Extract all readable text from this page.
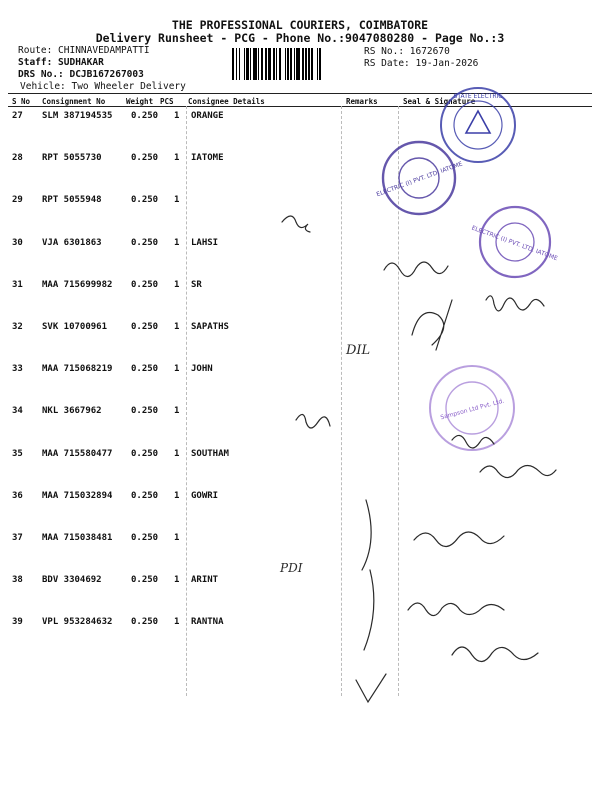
THE PROFESSIONAL COURIERS, COIMBATORE
Delivery Runsheet - PCG - Phone No.:9047080280 - Page No.:3
Route: CHINNAVEDAMPATTI
Staff: SUDHAKAR
DRS No.: DCJB167267003
Vehicle: Two Wheeler Delivery
RS No.: 1672670
RS Date: 19-Jan-2026
S No Consignment No	Weight PCS Consignee Details	Remarks	Seal & Signature
27 SLM 387194535 0.250 1 ORANGE
28 RPT 5055730	0.250 1 IATOME
29 RPT 5055948	0.250 1
30 VJA 6301863	0.250 1 LAHSI
31 MAA 715699982 0.250 1 SR
32 SVK 10700961	0.250 1 SAPATHS
33 MAA 715068219 0.250 1 JOHN
34 NKL 3667962	0.250 1
35 MAA 715580477 0.250 1 SOUTHAM
36 MAA 715032894 0.250 1 GOWRI
37 MAA 715038481 0.250 1
38 BDV 3304692	0.250 1 ARINT
39 VPL 953284632 0.250 1 RANTNA
STATE ELECTRIC
ELECTRIC (I) PVT. LTD. IATOME
ELECTRIC (I) PVT. LTD. IATOME
Sampson Ltd Pvt. Ltd.
DIL
PDI
